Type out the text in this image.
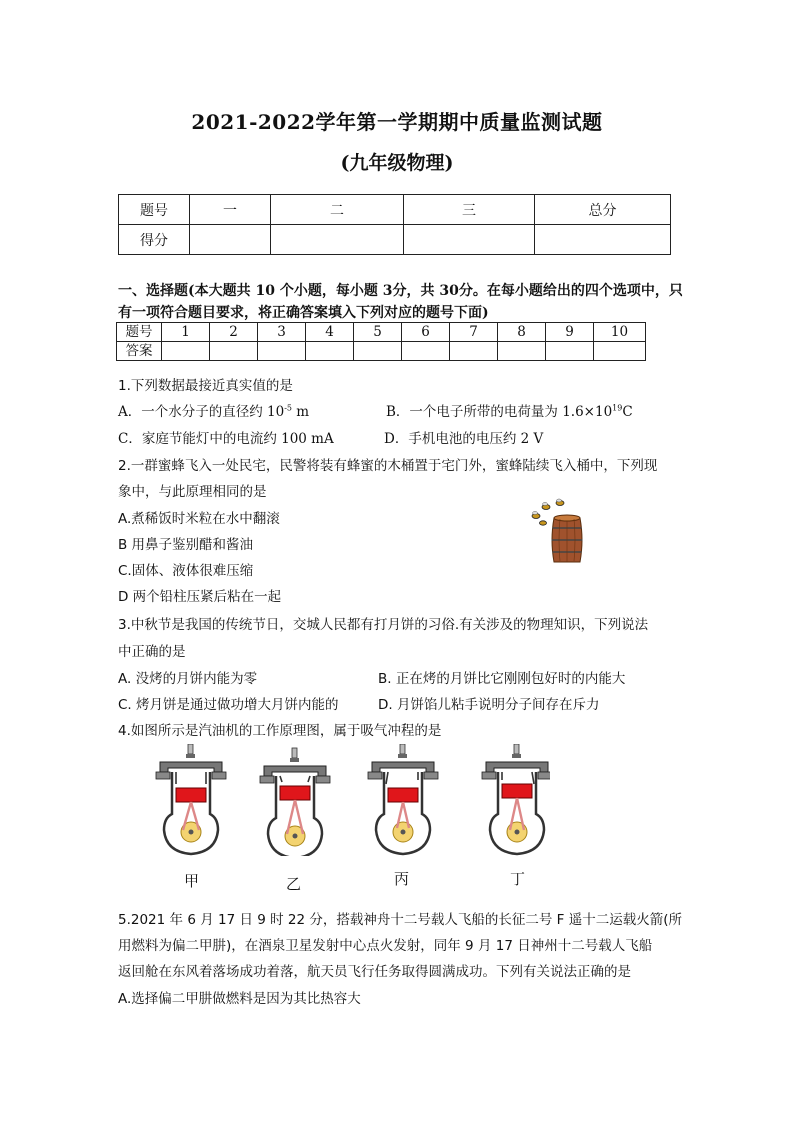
2021-2022学年第一学期期中质量监测试题
(九年级物理)
题号	一	二	三	总分
得分				
一、选择题(本大题共 10 个小题，每小题 3分，共 30分。在每小题给出的四个选项中，只
有一项符合题目要求，将正确答案填入下列对应的题号下面)
题号	1	2	3	4	5	6	7	8	9	10
答案										
1.下列数据最接近真实值的是
A．一个水分子的直径约 $10^{-5}$ m	B．一个电子所带的电荷量为 $1.6\times 10^{19}C$
C．家庭节能灯中的电流约 100 mA	D．手机电池的电压约 2 V
2.一群蜜蜂飞入一处民宅，民警将装有蜂蜜的木桶置于宅门外，蜜蜂陆续飞入桶中，下列现
象中，与此原理相同的是
A.煮稀饭时米粒在水中翻滚
B 用鼻子鉴别醋和酱油
C.固体、液体很难压缩
D 两个铅柱压紧后粘在一起
3.中秋节是我国的传统节日，交城人民都有打月饼的习俗.有关涉及的物理知识，下列说法
中正确的是
A. 没烤的月饼内能为零	B. 正在烤的月饼比它刚刚包好时的内能大
C. 烤月饼是通过做功增大月饼内能的	D. 月饼馅儿粘手说明分子间存在斥力
4.如图所示是汽油机的工作原理图，属于吸气冲程的是
甲	乙	丙	丁
5.2021 年 6 月 17 日 9 时 22 分，搭载神舟十二号载人飞船的长征二号 F 遥十二运载火箭(所
用燃料为偏二甲肼)，在酒泉卫星发射中心点火发射，同年 9 月 17 日神州十二号载人飞船
返回舱在东风着落场成功着落，航天员飞行任务取得圆满成功。下列有关说法正确的是
A.选择偏二甲肼做燃料是因为其比热容大
